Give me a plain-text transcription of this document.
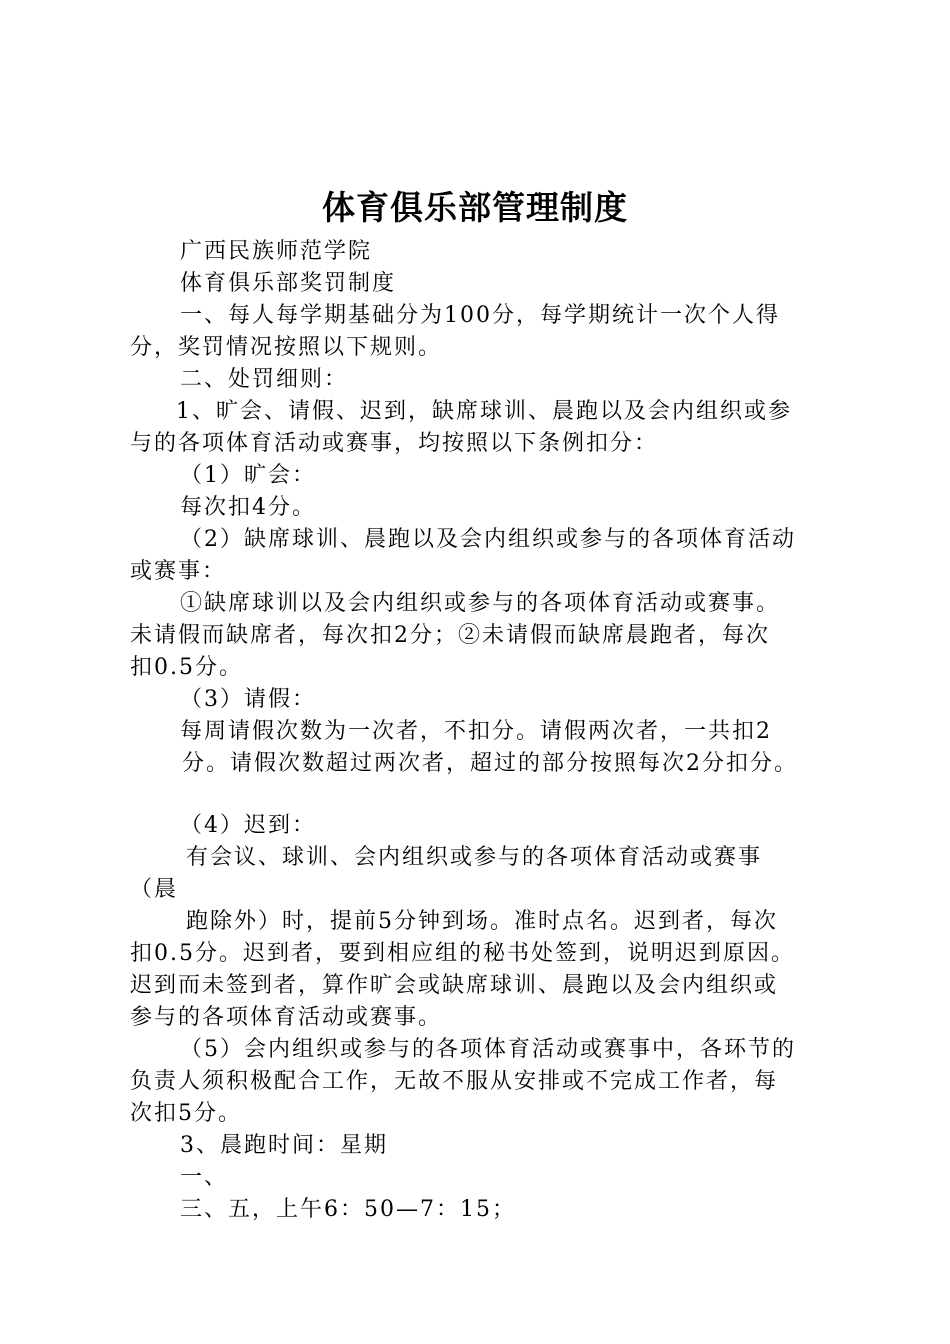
体育俱乐部管理制度
广西民族师范学院
体育俱乐部奖罚制度
一、每人每学期基础分为100分，每学期统计一次个人得
分，奖罚情况按照以下规则。
二、处罚细则：
1、旷会、请假、迟到，缺席球训、晨跑以及会内组织或参
与的各项体育活动或赛事，均按照以下条例扣分：
（1）旷会：
每次扣4分。
（2）缺席球训、晨跑以及会内组织或参与的各项体育活动
或赛事：
①缺席球训以及会内组织或参与的各项体育活动或赛事。
未请假而缺席者，每次扣2分；②未请假而缺席晨跑者，每次
扣0.5分。
（3）请假：
每周请假次数为一次者，不扣分。请假两次者，一共扣2
分。请假次数超过两次者，超过的部分按照每次2分扣分。
（4）迟到：
有会议、球训、会内组织或参与的各项体育活动或赛事
（晨
跑除外）时，提前5分钟到场。准时点名。迟到者，每次
扣0.5分。迟到者，要到相应组的秘书处签到，说明迟到原因。
迟到而未签到者，算作旷会或缺席球训、晨跑以及会内组织或
参与的各项体育活动或赛事。
（5）会内组织或参与的各项体育活动或赛事中，各环节的
负责人须积极配合工作，无故不服从安排或不完成工作者，每
次扣5分。
3、晨跑时间：星期
一、
三、五，上午6：50—7：15；
